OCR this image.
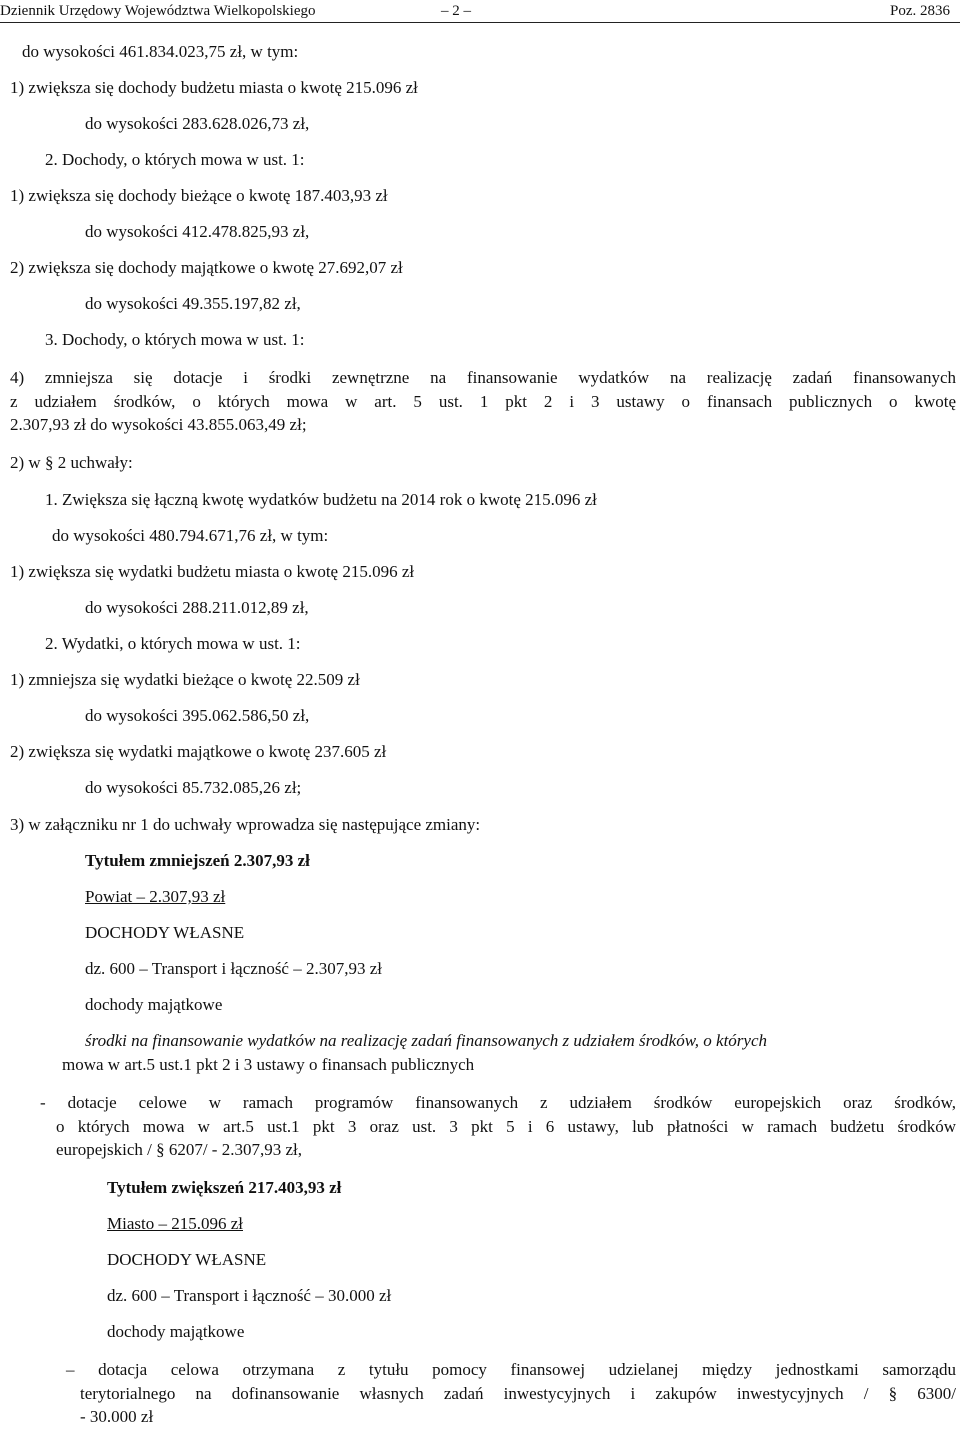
Dziennik Urzędowy Województwa Wielkopolskiego	– 2 –	Poz. 2836
do wysokości 461.834.023,75 zł, w tym:
1) zwiększa się dochody budżetu miasta o kwotę 215.096 zł
do wysokości 283.628.026,73 zł,
2. Dochody, o których mowa w ust. 1:
1) zwiększa się dochody bieżące o kwotę 187.403,93 zł
do wysokości 412.478.825,93 zł,
2) zwiększa się dochody majątkowe o kwotę 27.692,07 zł
do wysokości 49.355.197,82 zł,
3. Dochody, o których mowa w ust. 1:
4) zmniejsza się dotacje i środki zewnętrzne na finansowanie wydatków na realizację zadań finansowanych
z udziałem środków, o których mowa w art. 5 ust. 1 pkt 2 i 3 ustawy o finansach publicznych o kwotę
2.307,93 zł do wysokości 43.855.063,49 zł;
2) w § 2 uchwały:
1. Zwiększa się łączną kwotę wydatków budżetu na 2014 rok o kwotę 215.096 zł
do wysokości 480.794.671,76 zł, w tym:
1) zwiększa się wydatki budżetu miasta o kwotę 215.096 zł
do wysokości 288.211.012,89 zł,
2. Wydatki, o których mowa w ust. 1:
1) zmniejsza się wydatki bieżące o kwotę 22.509 zł
do wysokości 395.062.586,50 zł,
2) zwiększa się wydatki majątkowe o kwotę 237.605 zł
do wysokości 85.732.085,26 zł;
3) w załączniku nr 1 do uchwały wprowadza się następujące zmiany:
Tytułem zmniejszeń 2.307,93 zł
Powiat – 2.307,93 zł
DOCHODY WŁASNE
dz. 600 – Transport i łączność – 2.307,93 zł
dochody majątkowe
środki na finansowanie wydatków na realizację zadań finansowanych z udziałem środków, o których
mowa w art.5 ust.1 pkt 2 i 3 ustawy o finansach publicznych
- dotacje celowe w ramach programów finansowanych z udziałem środków europejskich oraz środków,
o których mowa w art.5 ust.1 pkt 3 oraz ust. 3 pkt 5 i 6 ustawy, lub płatności w ramach budżetu środków
europejskich / § 6207/ - 2.307,93 zł,
Tytułem zwiększeń 217.403,93 zł
Miasto – 215.096 zł
DOCHODY WŁASNE
dz. 600 – Transport i łączność – 30.000 zł
dochody majątkowe
– dotacja celowa otrzymana z tytułu pomocy finansowej udzielanej między jednostkami samorządu
terytorialnego na dofinansowanie własnych zadań inwestycyjnych i zakupów inwestycyjnych / § 6300/
- 30.000 zł
